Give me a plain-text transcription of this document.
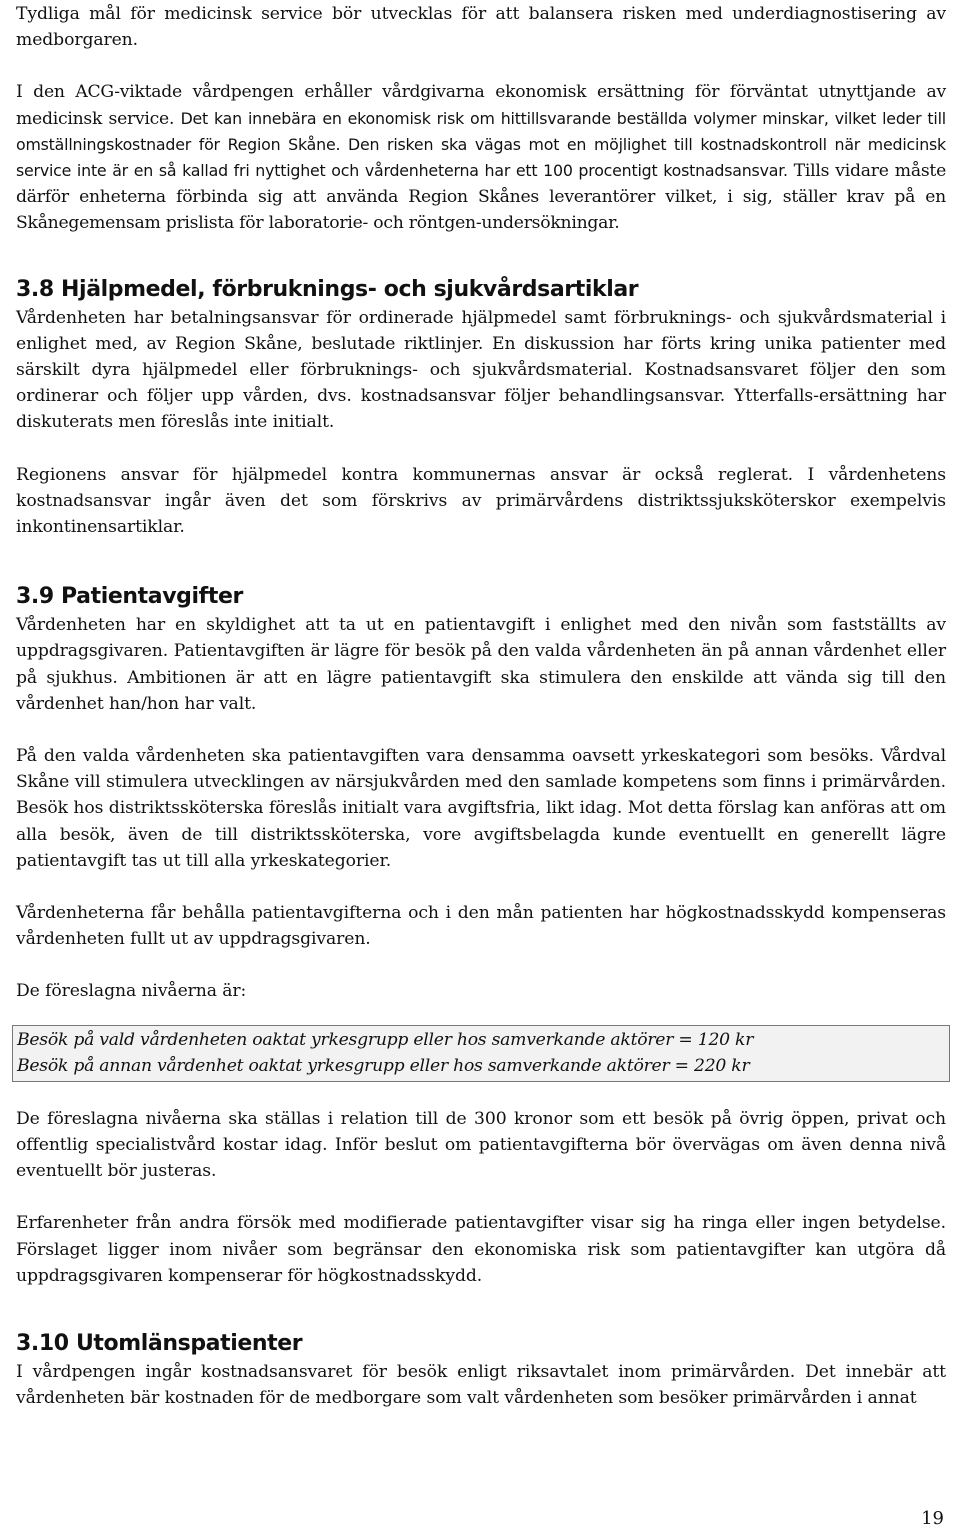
Tydliga mål för medicinsk service bör utvecklas för att balansera risken med underdiagnostisering av medborgaren.

I den ACG-viktade vårdpengen erhåller vårdgivarna ekonomisk ersättning för förväntat utnyttjande av medicinsk service. Det kan innebära en ekonomisk risk om hittillsvarande beställda volymer minskar, vilket leder till omställningskostnader för Region Skåne. Den risken ska vägas mot en möjlighet till kostnadskontroll när medicinsk service inte är en så kallad fri nyttighet och vårdenheterna har ett 100 procentigt kostnadsansvar. Tills vidare måste därför enheterna förbinda sig att använda Region Skånes leverantörer vilket, i sig, ställer krav på en Skånegemensam prislista för laboratorie- och röntgen-undersökningar.

3.8 Hjälpmedel, förbruknings- och sjukvårdsartiklar

Vårdenheten har betalningsansvar för ordinerade hjälpmedel samt förbruknings- och sjukvårdsmaterial i enlighet med, av Region Skåne, beslutade riktlinjer. En diskussion har förts kring unika patienter med särskilt dyra hjälpmedel eller förbruknings- och sjukvårdsmaterial. Kostnadsansvaret följer den som ordinerar och följer upp vården, dvs. kostnadsansvar följer behandlingsansvar. Ytterfalls-ersättning har diskuterats men föreslås inte initialt.

Regionens ansvar för hjälpmedel kontra kommunernas ansvar är också reglerat. I vårdenhetens kostnadsansvar ingår även det som förskrivs av primärvårdens distriktssjuksköterskor exempelvis inkontinensartiklar.

3.9 Patientavgifter

Vårdenheten har en skyldighet att ta ut en patientavgift i enlighet med den nivån som fastställts av uppdragsgivaren. Patientavgiften är lägre för besök på den valda vårdenheten än på annan vårdenhet eller på sjukhus. Ambitionen är att en lägre patientavgift ska stimulera den enskilde att vända sig till den vårdenhet han/hon har valt.

På den valda vårdenheten ska patientavgiften vara densamma oavsett yrkeskategori som besöks. Vårdval Skåne vill stimulera utvecklingen av närsjukvården med den samlade kompetens som finns i primärvården. Besök hos distriktssköterska föreslås initialt vara avgiftsfria, likt idag. Mot detta förslag kan anföras att om alla besök, även de till distriktssköterska, vore avgiftsbelagda kunde eventuellt en generellt lägre patientavgift tas ut till alla yrkeskategorier.

Vårdenheterna får behålla patientavgifterna och i den mån patienten har högkostnadsskydd kompenseras vårdenheten fullt ut av uppdragsgivaren.

De föreslagna nivåerna är:

Besök på vald vårdenheten oaktat yrkesgrupp eller hos samverkande aktörer = 120 kr
Besök på annan vårdenhet oaktat yrkesgrupp eller hos samverkande aktörer = 220 kr

De föreslagna nivåerna ska ställas i relation till de 300 kronor som ett besök på övrig öppen, privat och offentlig specialistvård kostar idag. Inför beslut om patientavgifterna bör övervägas om även denna nivå eventuellt bör justeras.

Erfarenheter från andra försök med modifierade patientavgifter visar sig ha ringa eller ingen betydelse. Förslaget ligger inom nivåer som begränsar den ekonomiska risk som patientavgifter kan utgöra då uppdragsgivaren kompenserar för högkostnadsskydd.

3.10 Utomlänspatienter

I vårdpengen ingår kostnadsansvaret för besök enligt riksavtalet inom primärvården. Det innebär att vårdenheten bär kostnaden för de medborgare som valt vårdenheten som besöker primärvården i annat

19
